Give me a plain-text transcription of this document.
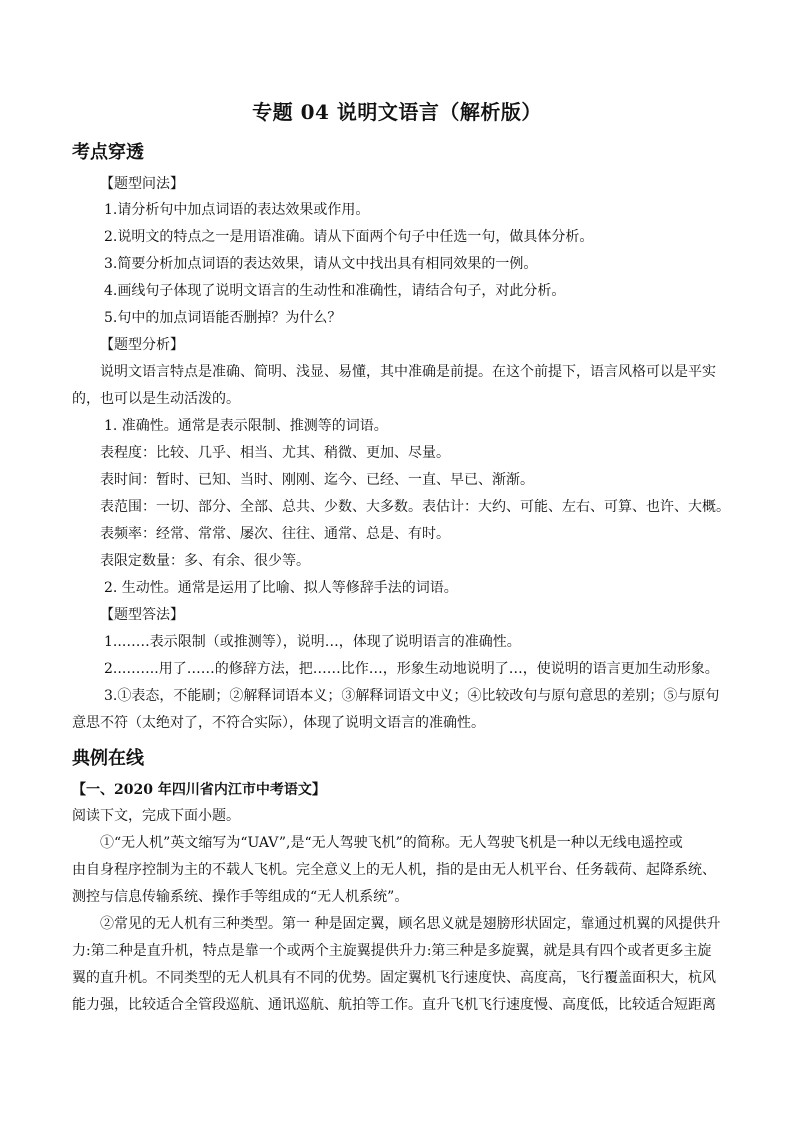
专题 04 说明文语言（解析版）
考点穿透
【题型问法】
1.请分析句中加点词语的表达效果或作用。
2.说明文的特点之一是用语准确。请从下面两个句子中任选一句，做具体分析。
3.简要分析加点词语的表达效果，请从文中找出具有相同效果的一例。
4.画线句子体现了说明文语言的生动性和准确性，请结合句子，对此分析。
5.句中的加点词语能否删掉？为什么？
【题型分析】
说明文语言特点是准确、简明、浅显、易懂，其中准确是前提。在这个前提下，语言风格可以是平实
的，也可以是生动活泼的。
1. 准确性。通常是表示限制、推测等的词语。
表程度：比较、几乎、相当、尤其、稍微、更加、尽量。
表时间：暂时、已知、当时、刚刚、迄今、已经、一直、早已、渐渐。
表范围：一切、部分、全部、总共、少数、大多数。表估计：大约、可能、左右、可算、也许、大概。
表频率：经常、常常、屡次、往往、通常、总是、有时。
表限定数量：多、有余、很少等。
2. 生动性。通常是运用了比喻、拟人等修辞手法的词语。
【题型答法】
1..……表示限制（或推测等），说明…，体现了说明语言的准确性。
2..……..用了……的修辞方法，把……比作…，形象生动地说明了…，使说明的语言更加生动形象。
3.①表态，不能刷；②解释词语本义；③解释词语文中义；④比较改句与原句意思的差别；⑤与原句
意思不符（太绝对了，不符合实际），体现了说明文语言的准确性。
典例在线
【一、2020 年四川省内江市中考语文】
阅读下文，完成下面小题。
①“无人机”英文缩写为“UAV”,是“无人驾驶飞机”的简称。无人驾驶飞机是一种以无线电遥控或
由自身程序控制为主的不载人飞机。完全意义上的无人机，指的是由无人机平台、任务载荷、起降系统、
测控与信息传输系统、操作手等组成的“无人机系统”。
②常见的无人机有三种类型。第一 种是固定翼，顾名思义就是翅膀形状固定，靠通过机翼的风提供升
力:第二种是直升机，特点是靠一个或两个主旋翼提供升力:第三种是多旋翼，就是具有四个或者更多主旋
翼的直升机。不同类型的无人机具有不同的优势。固定翼机飞行速度快、高度高，飞行覆盖面积大，杭风
能力强，比较适合全管段巡航、通讯巡航、航拍等工作。直升飞机飞行速度慢、高度低，比较适合短距离
